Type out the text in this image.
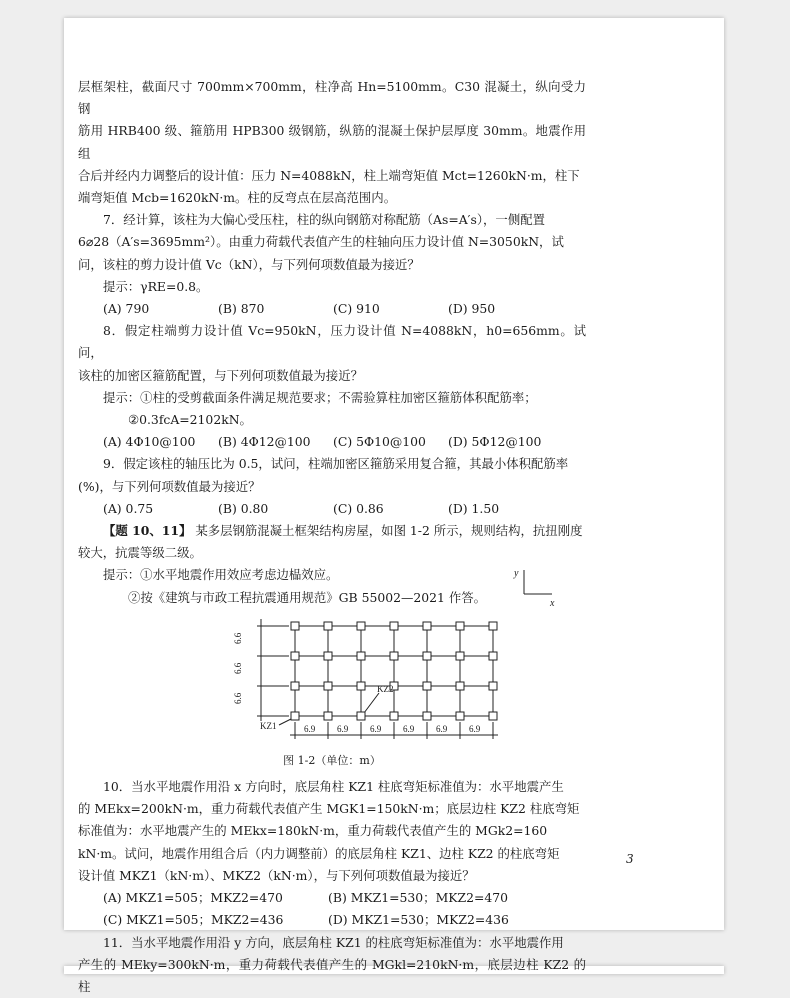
层框架柱，截面尺寸 700mm×700mm，柱净高 Hn=5100mm。C30 混凝土，纵向受力钢

筋用 HRB400 级、箍筋用 HPB300 级钢筋，纵筋的混凝土保护层厚度 30mm。地震作用组

合后并经内力调整后的设计值：压力 N=4088kN，柱上端弯矩值 Mct=1260kN·m，柱下

端弯矩值 Mcb=1620kN·m。柱的反弯点在层高范围内。

7．经计算，该柱为大偏心受压柱，柱的纵向钢筋对称配筋（As=A′s），一侧配置

6⌀28（A′s=3695mm²）。由重力荷载代表值产生的柱轴向压力设计值 N=3050kN，试

问，该柱的剪力设计值 Vc（kN），与下列何项数值最为接近？

提示：γRE=0.8。

(A) 790	(B) 870	(C) 910	(D) 950

8．假定柱端剪力设计值 Vc=950kN，压力设计值 N=4088kN，h0=656mm。试问，

该柱的加密区箍筋配置，与下列何项数值最为接近？

提示：①柱的受剪截面条件满足规范要求；不需验算柱加密区箍筋体积配筋率；

②0.3fcA=2102kN。

(A) 4Φ10@100	(B) 4Φ12@100	(C) 5Φ10@100	(D) 5Φ12@100

9．假定该柱的轴压比为 0.5，试问，柱端加密区箍筋采用复合箍，其最小体积配筋率

(%)，与下列何项数值最为接近？

(A) 0.75	(B) 0.80	(C) 0.86	(D) 1.50

【题 10、11】 某多层钢筋混凝土框架结构房屋，如图 1-2 所示，规则结构，抗扭刚度

较大，抗震等级二级。

提示：①水平地震作用效应考虑边榀效应。

②按《建筑与市政工程抗震通用规范》GB 55002—2021 作答。

6.6
6.6
6.6
6.9 6.9 6.9 6.9 6.9 6.9
KZ1
KZ2
图 1-2（单位：m）

10．当水平地震作用沿 x 方向时，底层角柱 KZ1 柱底弯矩标准值为：水平地震产生

的 MEkx=200kN·m，重力荷载代表值产生 MGK1=150kN·m；底层边柱 KZ2 柱底弯矩

标准值为：水平地震产生的 MEkx=180kN·m，重力荷载代表值产生的 MGk2=160

kN·m。试问，地震作用组合后（内力调整前）的底层角柱 KZ1、边柱 KZ2 的柱底弯矩

设计值 MKZ1（kN·m）、MKZ2（kN·m），与下列何项数值最为接近？

(A) MKZ1=505；MKZ2=470	(B) MKZ1=530；MKZ2=470
(C) MKZ1=505；MKZ2=436	(D) MKZ1=530；MKZ2=436

11．当水平地震作用沿 y 方向，底层角柱 KZ1 的柱底弯矩标准值为：水平地震作用

产生的 MEky=300kN·m，重力荷载代表值产生的 MGkl=210kN·m，底层边柱 KZ2 的柱

y
x
3
